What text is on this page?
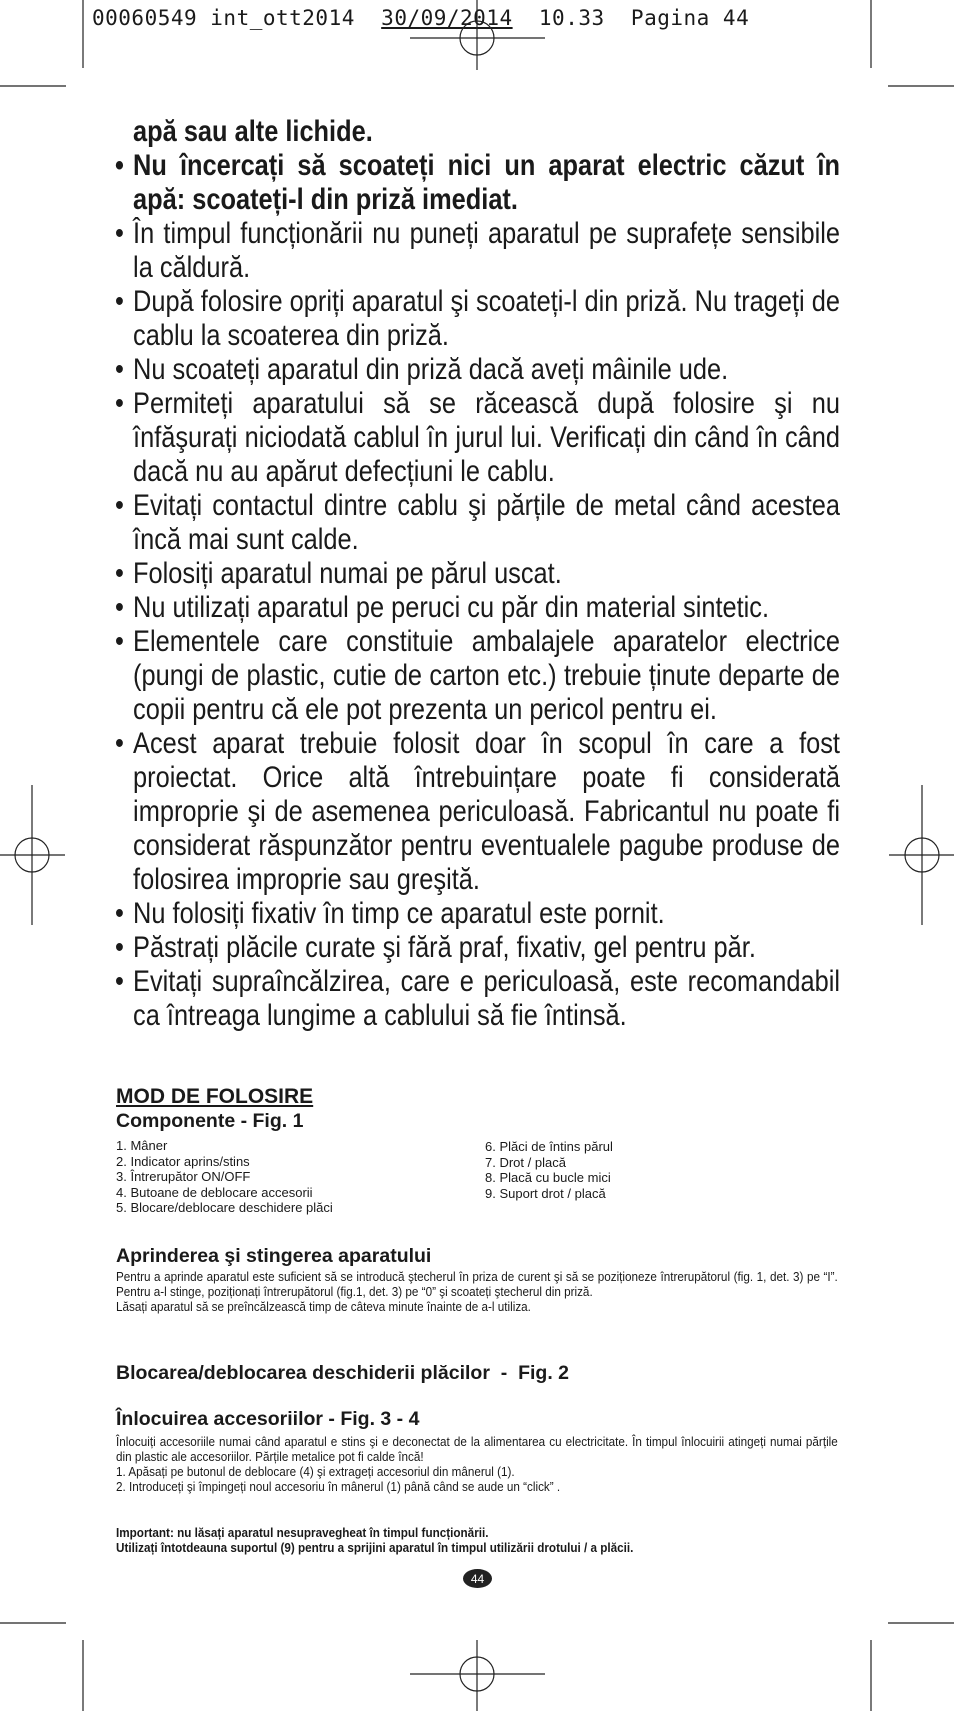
00060549 int_ott2014 30/09/2014 10.33 Pagina 44

apă sau alte lichide.

• Nu încercați să scoateți nici un aparat electric căzut în apă: scoateți-l din priză imediat.

• În timpul funcționării nu puneți aparatul pe suprafețe sensibile la căldură.

• După folosire opriți aparatul şi scoateți-l din priză. Nu trageți de cablu la scoaterea din priză.

• Nu scoateți aparatul din priză dacă aveți mâinile ude.

• Permiteți aparatului să se răcească după folosire şi nu înfăşurați niciodată cablul în jurul lui. Verificați din când în când dacă nu au apărut defecțiuni le cablu.

• Evitați contactul dintre cablu şi părțile de metal când acestea încă mai sunt calde.

• Folosiți aparatul numai pe părul uscat.

• Nu utilizați aparatul pe peruci cu păr din material sintetic.

• Elementele care constituie ambalajele aparatelor electrice (pungi de plastic, cutie de carton etc.) trebuie ținute departe de copii pentru că ele pot prezenta un pericol pentru ei.

• Acest aparat trebuie folosit doar în scopul în care a fost proiectat. Orice altă întrebuințare poate fi considerată improprie şi de asemenea periculoasă. Fabricantul nu poate fi considerat răspunzător pentru eventualele pagube produse de folosirea improprie sau greşită.

• Nu folosiți fixativ în timp ce aparatul este pornit.

• Păstrați plăcile curate şi fără praf, fixativ, gel pentru păr.

• Evitați supraîncălzirea, care e periculoasă, este recomandabil ca întreaga lungime a cablului să fie întinsă.

MOD DE FOLOSIRE

Componente - Fig. 1

1. Mâner
2. Indicator aprins/stins
3. Întrerupător ON/OFF
4. Butoane de deblocare accesorii
5. Blocare/deblocare deschidere plăci
6. Plăci de întins părul
7. Drot / placă
8. Placă cu bucle mici
9. Suport drot / placă

Aprinderea şi stingerea aparatului

Pentru a aprinde aparatul este suficient să se introducă ştecherul în priza de curent şi să se poziționeze întrerupătorul (fig. 1, det. 3) pe “I”. Pentru a-l stinge, poziționați întrerupătorul (fig.1, det. 3) pe “0” şi scoateți ştecherul din priză.

Lăsați aparatul să se preîncălzească timp de câteva minute înainte de a-l utiliza.

Blocarea/deblocarea deschiderii plăcilor  -  Fig. 2

Înlocuirea accesoriilor - Fig. 3 - 4

Înlocuiți accesoriile numai când aparatul e stins şi e deconectat de la alimentarea cu electricitate. În timpul înlocuirii atingeți numai părțile din plastic ale accesoriilor. Părțile metalice pot fi calde încă!

1. Apăsați pe butonul de deblocare (4) şi extrageți accesoriul din mânerul (1).

2. Introduceți şi împingeți noul accesoriu în mânerul (1) până când se aude un “click” .

Important: nu lăsați aparatul nesupravegheat în timpul funcționării.

Utilizați întotdeauna suportul (9) pentru a sprijini aparatul în timpul utilizării drotului / a plăcii.

44
